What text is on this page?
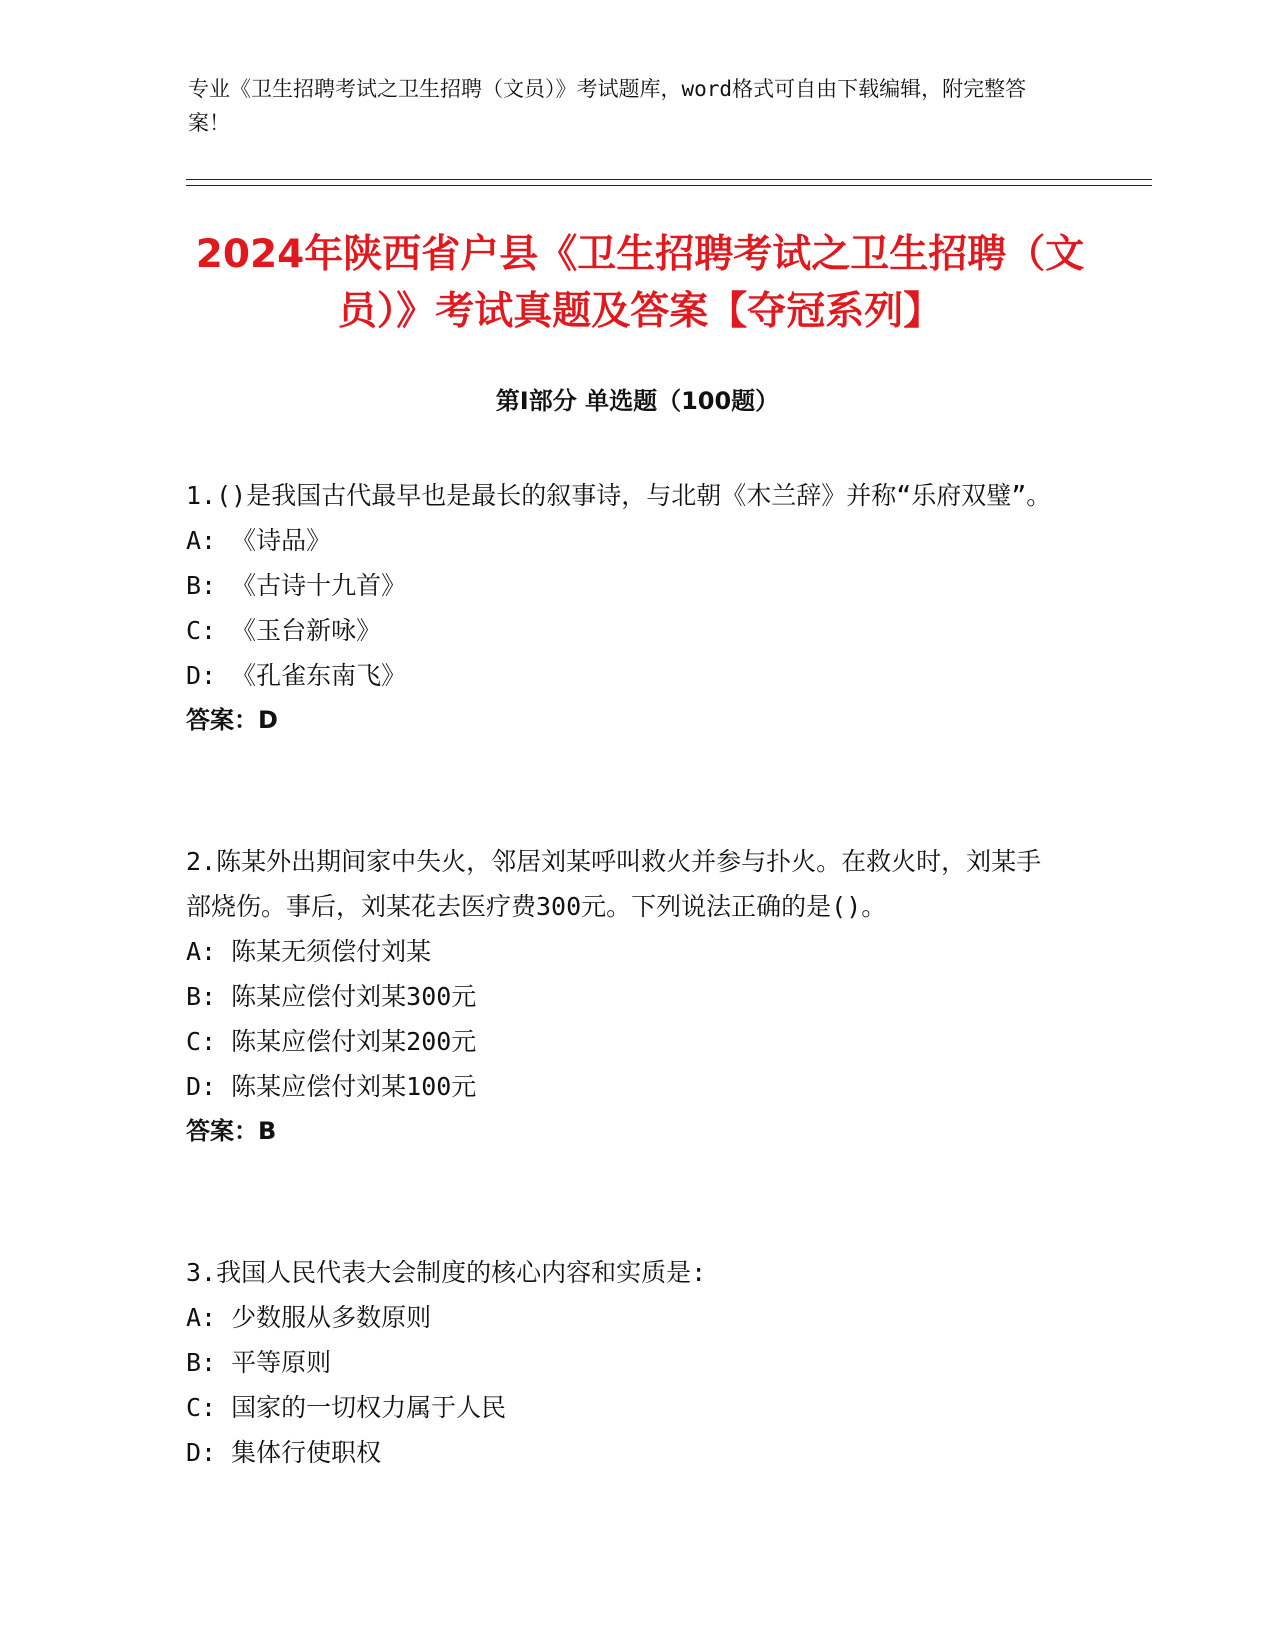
专业《卫生招聘考试之卫生招聘（文员）》考试题库，word格式可自由下载编辑，附完整答案！
2024年陕西省户县《卫生招聘考试之卫生招聘（文员）》考试真题及答案【夺冠系列】
第Ⅰ部分 单选题（100题）

1.()是我国古代最早也是最长的叙事诗，与北朝《木兰辞》并称“乐府双璧”。

A: 《诗品》
B: 《古诗十九首》
C: 《玉台新咏》
D: 《孔雀东南飞》

答案：D

2.陈某外出期间家中失火，邻居刘某呼叫救火并参与扑火。在救火时，刘某手部烧伤。事后，刘某花去医疗费300元。下列说法正确的是()。

A: 陈某无须偿付刘某
B: 陈某应偿付刘某300元
C: 陈某应偿付刘某200元
D: 陈某应偿付刘某100元

答案：B

3.我国人民代表大会制度的核心内容和实质是:

A: 少数服从多数原则
B: 平等原则
C: 国家的一切权力属于人民
D: 集体行使职权
